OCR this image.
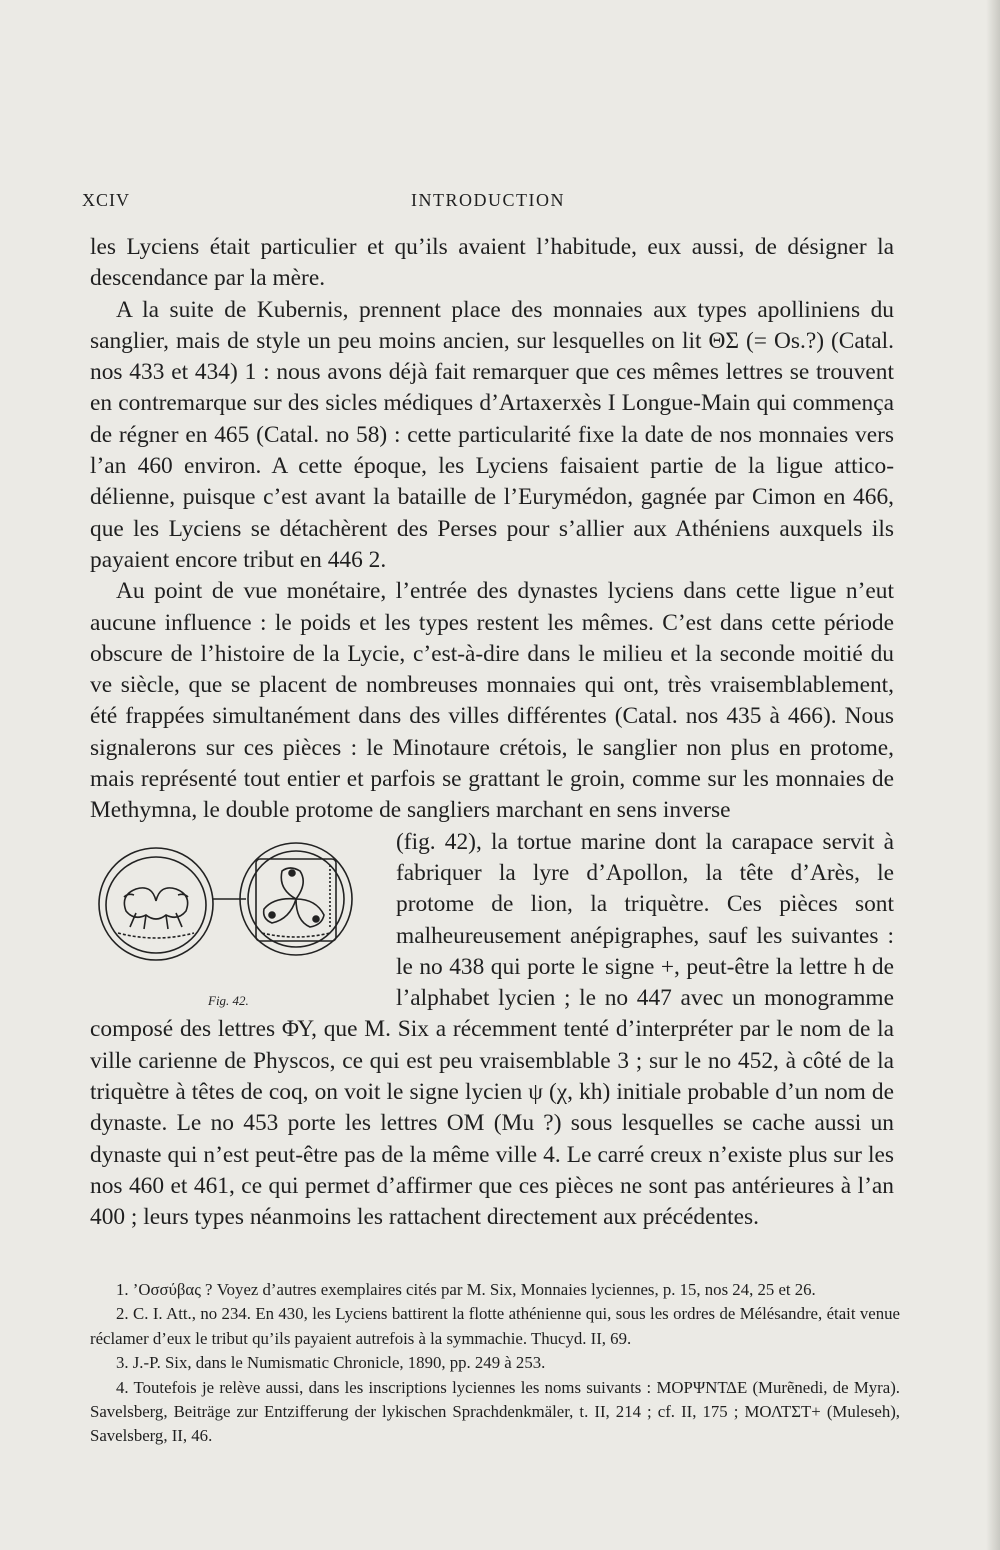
XCIV	INTRODUCTION

les Lyciens était particulier et qu’ils avaient l’habitude, eux aussi, de désigner la descendance par la mère.

A la suite de Kubernis, prennent place des monnaies aux types apolliniens du sanglier, mais de style un peu moins ancien, sur lesquelles on lit ΘΣ (= Os.?) (Catal. nos 433 et 434) 1 : nous avons déjà fait remarquer que ces mêmes lettres se trouvent en contremarque sur des sicles médiques d’Artaxerxès I Longue-Main qui commença de régner en 465 (Catal. no 58) : cette particularité fixe la date de nos monnaies vers l’an 460 environ. A cette époque, les Lyciens faisaient partie de la ligue attico-délienne, puisque c’est avant la bataille de l’Eurymédon, gagnée par Cimon en 466, que les Lyciens se détachèrent des Perses pour s’allier aux Athéniens auxquels ils payaient encore tribut en 446 2.

Au point de vue monétaire, l’entrée des dynastes lyciens dans cette ligue n’eut aucune influence : le poids et les types restent les mêmes. C’est dans cette période obscure de l’histoire de la Lycie, c’est-à-dire dans le milieu et la seconde moitié du ve siècle, que se placent de nombreuses monnaies qui ont, très vraisemblablement, été frappées simultanément dans des villes différentes (Catal. nos 435 à 466). Nous signalerons sur ces pièces : le Minotaure crétois, le sanglier non plus en protome, mais représenté tout entier et parfois se grattant le groin, comme sur les monnaies de Methymna, le double protome de sangliers marchant en sens inverse

Fig. 42.

(fig. 42), la tortue marine dont la carapace servit à fabriquer la lyre d’Apollon, la tête d’Arès, le protome de lion, la triquètre. Ces pièces sont malheureusement anépigraphes, sauf les suivantes : le no 438 qui porte le signe +, peut-être la lettre h de l’alphabet lycien ; le no 447 avec un monogramme composé des lettres ΦΥ, que M. Six a récemment tenté d’interpréter par le nom de la ville carienne de Physcos, ce qui est peu vraisemblable 3 ; sur le no 452, à côté de la triquètre à têtes de coq, on voit le signe lycien ψ (χ, kh) initiale probable d’un nom de dynaste. Le no 453 porte les lettres OM (Mu ?) sous lesquelles se cache aussi un dynaste qui n’est peut-être pas de la même ville 4. Le carré creux n’existe plus sur les nos 460 et 461, ce qui permet d’affirmer que ces pièces ne sont pas antérieures à l’an 400 ; leurs types néanmoins les rattachent directement aux précédentes.

1. ’Οσσύβας ? Voyez d’autres exemplaires cités par M. Six, Monnaies lyciennes, p. 15, nos 24, 25 et 26.

2. C. I. Att., no 234. En 430, les Lyciens battirent la flotte athénienne qui, sous les ordres de Mélésandre, était venue réclamer d’eux le tribut qu’ils payaient autrefois à la symmachie. Thucyd. II, 69.

3. J.-P. Six, dans le Numismatic Chronicle, 1890, pp. 249 à 253.

4. Toutefois je relève aussi, dans les inscriptions lyciennes les noms suivants : ΜΟΡΨΝΤΔΕ (Murẽnedi, de Myra). Savelsberg, Beiträge zur Entzifferung der lykischen Sprachdenkmäler, t. II, 214 ; cf. II, 175 ; ΜΟΛΤΣΤ+ (Muleseh), Savelsberg, II, 46.
